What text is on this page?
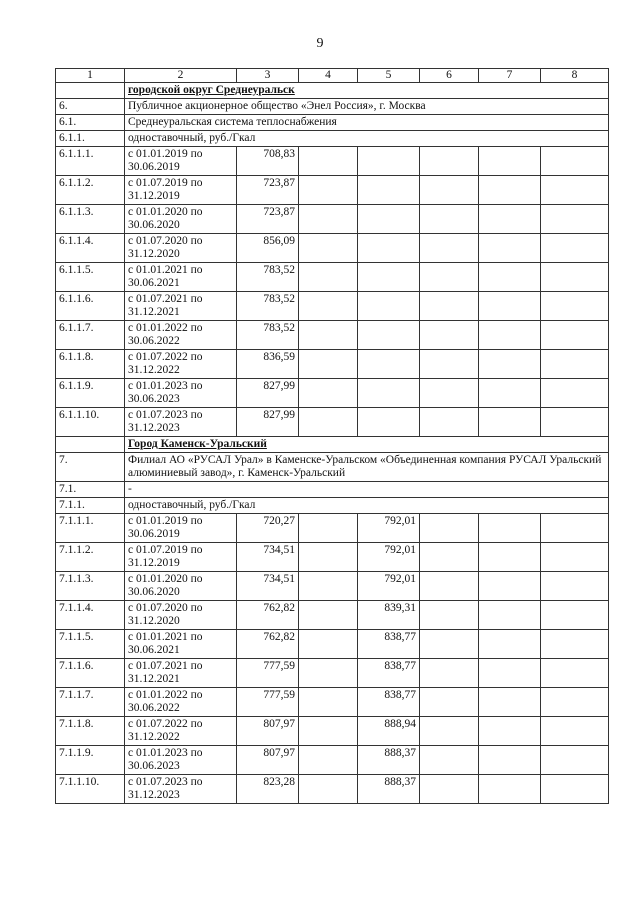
9
1	2	3	4	5	6	7	8
	городской округ Среднеуральск						
6.	Публичное акционерное общество «Энел Россия», г. Москва						
6.1.	Среднеуральская система теплоснабжения						
6.1.1.	одноставочный, руб./Гкал						
6.1.1.1.	с 01.01.2019 по 30.06.2019	708,83					
6.1.1.2.	с 01.07.2019 по 31.12.2019	723,87					
6.1.1.3.	с 01.01.2020 по 30.06.2020	723,87					
6.1.1.4.	с 01.07.2020 по 31.12.2020	856,09					
6.1.1.5.	с 01.01.2021 по 30.06.2021	783,52					
6.1.1.6.	с 01.07.2021 по 31.12.2021	783,52					
6.1.1.7.	с 01.01.2022 по 30.06.2022	783,52					
6.1.1.8.	с 01.07.2022 по 31.12.2022	836,59					
6.1.1.9.	с 01.01.2023 по 30.06.2023	827,99					
6.1.1.10.	с 01.07.2023 по 31.12.2023	827,99					
	Город Каменск-Уральский						
7.	Филиал АО «РУСАЛ Урал» в Каменске-Уральском «Объединенная компания РУСАЛ Уральский алюминиевый завод», г. Каменск-Уральский						
7.1.	-						
7.1.1.	одноставочный, руб./Гкал						
7.1.1.1.	с 01.01.2019 по 30.06.2019	720,27		792,01			
7.1.1.2.	с 01.07.2019 по 31.12.2019	734,51		792,01			
7.1.1.3.	с 01.01.2020 по 30.06.2020	734,51		792,01			
7.1.1.4.	с 01.07.2020 по 31.12.2020	762,82		839,31			
7.1.1.5.	с 01.01.2021 по 30.06.2021	762,82		838,77			
7.1.1.6.	с 01.07.2021 по 31.12.2021	777,59		838,77			
7.1.1.7.	с 01.01.2022 по 30.06.2022	777,59		838,77			
7.1.1.8.	с 01.07.2022 по 31.12.2022	807,97		888,94			
7.1.1.9.	с 01.01.2023 по 30.06.2023	807,97		888,37			
7.1.1.10.	с 01.07.2023 по 31.12.2023	823,28		888,37			
